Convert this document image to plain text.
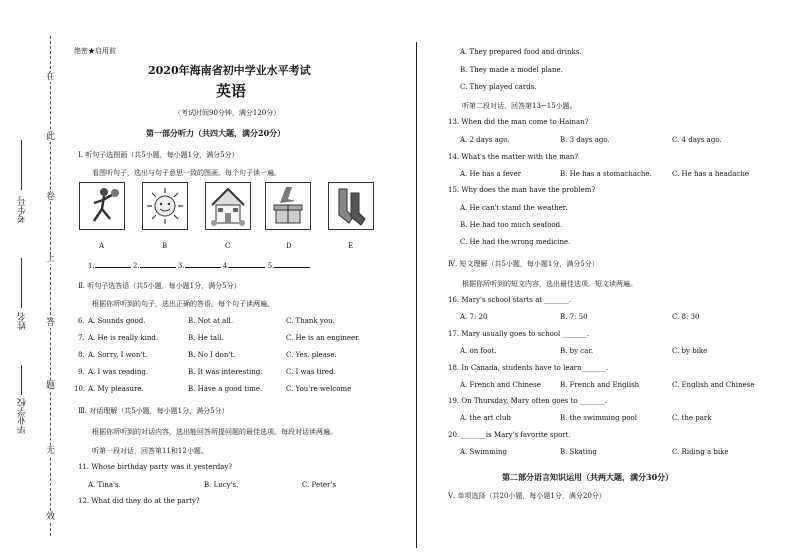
在
此
卷
上
答
题
无
效
考生号
姓名
毕业学校
绝密★启用前
2020年海南省初中学业水平考试
英语
（考试时间90分钟，满分120分）
第一部分听力（共四大题，满分20分）
Ⅰ. 听句子选图画（共5小题，每小题1分，满分5分）
看图听句子，选出与句子意思一致的图画。每个句子读一遍。
A	B	C	D	E
1.	2.	3.	4.	5.
Ⅱ. 听句子选答语（共5小题，每小题1分，满分5分）
根据你所听到的句子，选出正确的答语。每个句子读两遍。
6. A. Sounds good.	B. Not at all.	C. Thank you.
7. A. He is really kind.	B. He tall.	C. He is an engineer.
8. A. Sorry, I won't.	B. No I don't.	C. Yes, please.
9. A. I was reading.	B. It was interesting.	C. I was tired.
10. A. My pleasure.	B. Have a good time.	C. You're welcome
Ⅲ. 对话理解（共5小题，每小题1分，满分5分）
根据你所听到的对话内容，选出能回答所提问题的最佳选项。每段对话读两遍。
听第一段对话，回答第11和12小题。
11. Whose birthday party was it yesterday?
A. Tina's.	B. Lucy's.	C. Peter's
12. What did they do at the party?
A. They prepared food and drinks.
B. They made a model plane.
C. They played cards.
听第二段对话，回答第13~15小题。
13. When did the man come to Hainan?
A. 2 days ago.	B. 3 days ago.	C. 4 days ago.
14. What's the matter with the man?
A. He has a fever	B. He has a stomachache.	C. He has a headache
15. Why does the man have the problem?
A. He can't stand the weather.
B. He had too much seafood.
C. He had the wrong medicine.
Ⅳ. 短文理解（共5小题，每小题1分，满分5分）
根据你所听到的短文内容，选出最佳选项。短文读两遍。
16. Mary's school starts at _______.
A. 7: 20	B. 7: 50	C. 8: 30
17. Mary usually goes to school _______.
A. on foot.	B. by car.	C. by bike
18. In Canada, students have to learn_______.
A. French and Chinese	B. French and English	C. English and Chinese
19. On Thursday, Mary often goes to _______.
A. the art club	B. the swimming pool	C. the park
20. _______is Mary's favorite sport.
A. Swimming	B. Skating	C. Riding a bike
第二部分语言知识运用（共两大题，满分30分）
Ⅴ. 单项选择（共20小题，每小题1分，满分20分）
